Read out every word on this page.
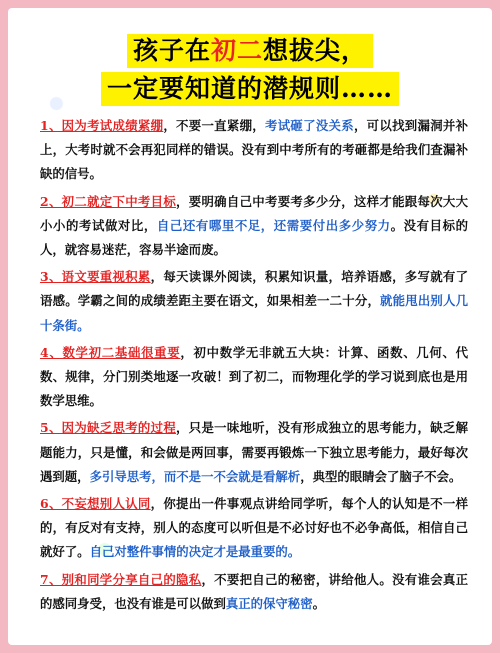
孩子在初二想拔尖，
一定要知道的潜规则……
1、因为考试成绩紧绷，不要一直紧绷，考试砸了没关系，可以找到漏洞并补上，大考时就不会再犯同样的错误。没有到中考所有的考砸都是给我们查漏补缺的信号。
2、初二就定下中考目标，要明确自己中考要考多少分，这样才能跟每次大大小小的考试做对比，自己还有哪里不足，还需要付出多少努力。没有目标的人，就容易迷茫，容易半途而废。
3、语文要重视积累，每天读课外阅读，积累知识量，培养语感，多写就有了语感。学霸之间的成绩差距主要在语文，如果相差一二十分，就能甩出别人几十条街。
4、数学初二基础很重要，初中数学无非就五大块：计算、函数、几何、代数、规律，分门别类地逐一攻破！到了初二，而物理化学的学习说到底也是用数学思维。
5、因为缺乏思考的过程，只是一味地听，没有形成独立的思考能力，缺乏解题能力，只是懂，和会做是两回事，需要再锻炼一下独立思考能力，最好每次遇到题，多引导思考，而不是一不会就是看解析，典型的眼睛会了脑子不会。
6、不妄想别人认同，你提出一件事观点讲给同学听，每个人的认知是不一样的，有反对有支持，别人的态度可以听但是不必讨好也不必争高低，相信自己就好了。自己对整件事情的决定才是最重要的。
7、别和同学分享自己的隐私，不要把自己的秘密，讲给他人。没有谁会真正的感同身受，也没有谁是可以做到真正的保守秘密。
